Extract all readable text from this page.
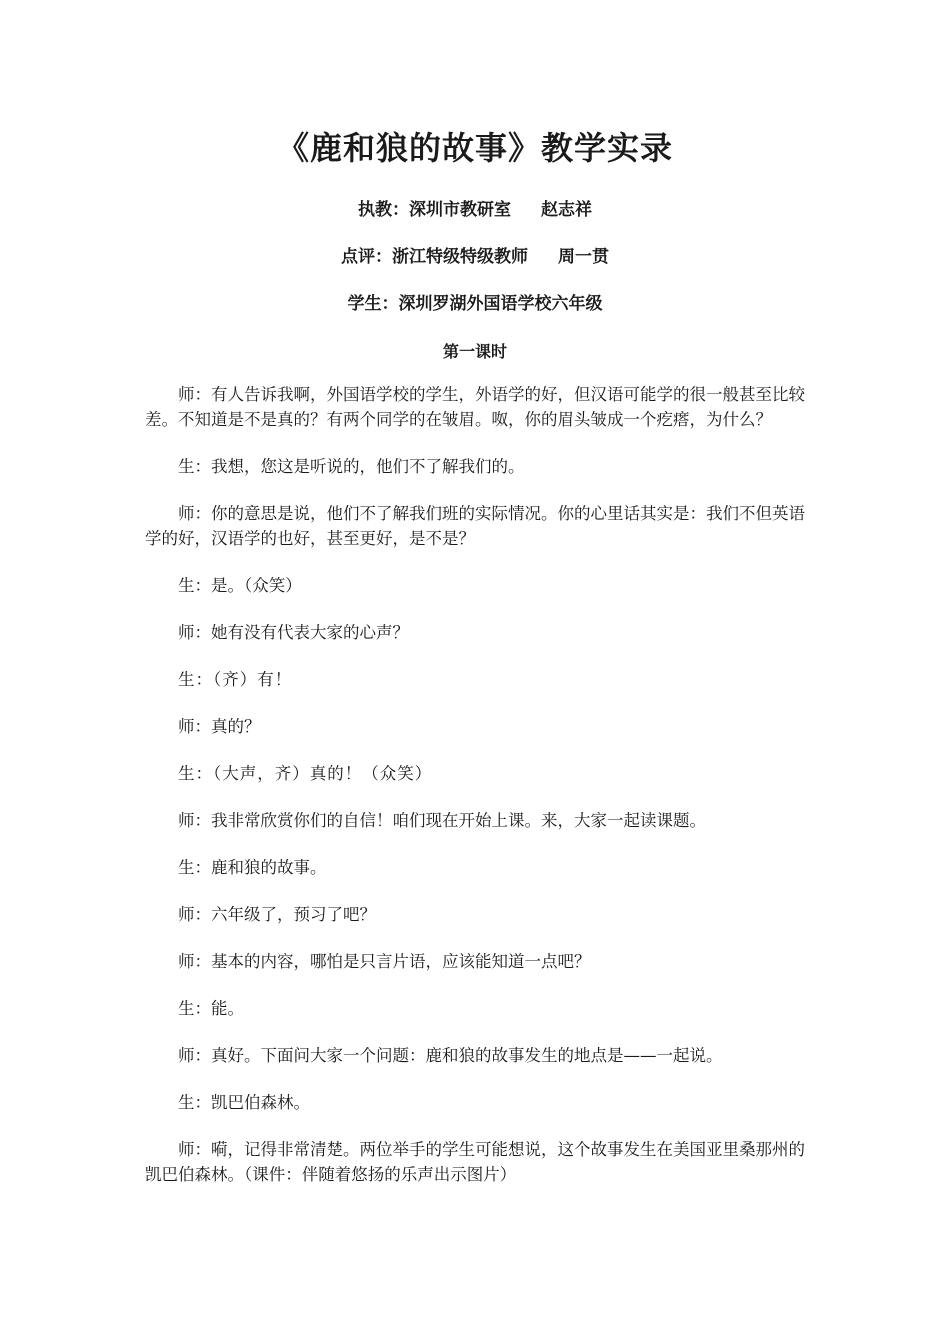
《鹿和狼的故事》教学实录
执教：深圳市教研室 赵志祥
点评：浙江特级特级教师 周一贯
学生：深圳罗湖外国语学校六年级
第一课时

师：有人告诉我啊，外国语学校的学生，外语学的好，但汉语可能学的很一般甚至比较差。不知道是不是真的？有两个同学的在皱眉。呶，你的眉头皱成一个疙瘩，为什么？

生：我想，您这是听说的，他们不了解我们的。

师：你的意思是说，他们不了解我们班的实际情况。你的心里话其实是：我们不但英语学的好，汉语学的也好，甚至更好，是不是？

生：是。（众笑）

师：她有没有代表大家的心声？

生：（齐）有！

师：真的？

生：（大声，齐）真的！（众笑）

师：我非常欣赏你们的自信！咱们现在开始上课。来，大家一起读课题。

生：鹿和狼的故事。

师：六年级了，预习了吧？

师：基本的内容，哪怕是只言片语，应该能知道一点吧？

生：能。

师：真好。下面问大家一个问题：鹿和狼的故事发生的地点是——一起说。

生：凯巴伯森林。

师：嗬，记得非常清楚。两位举手的学生可能想说，这个故事发生在美国亚里桑那州的凯巴伯森林。（课件：伴随着悠扬的乐声出示图片）
